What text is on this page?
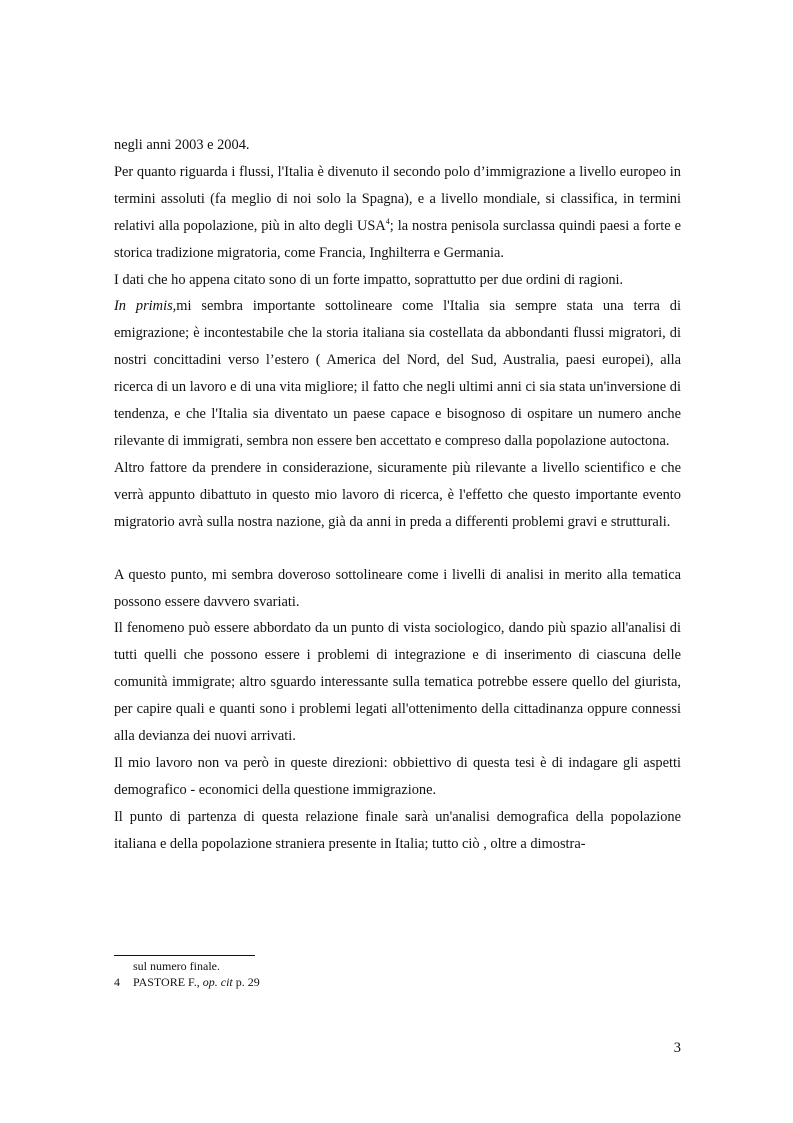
negli anni 2003 e 2004.

Per quanto riguarda i flussi, l'Italia è divenuto il secondo polo d’immigrazione a livello europeo in termini assoluti (fa meglio di noi solo la Spagna), e a livello mondiale, si classifica, in termini relativi alla popolazione, più in alto degli USA$^4$; la nostra penisola surclassa quindi paesi a forte e storica tradizione migratoria, come Francia, Inghilterra e Germania.

I dati che ho appena citato sono di un forte impatto, soprattutto per due ordini di ragioni.

In primis,mi sembra importante sottolineare come l'Italia sia sempre stata una terra di emigrazione; è incontestabile che la storia italiana sia costellata da abbondanti flussi migratori, di nostri concittadini verso l’estero ( America del Nord, del Sud, Australia, paesi europei), alla ricerca di un lavoro e di una vita migliore; il fatto che negli ultimi anni ci sia stata un'inversione di tendenza, e che l'Italia sia diventato un paese capace e bisognoso di ospitare un numero anche rilevante di immigrati, sembra non essere ben accettato e compreso dalla popolazione autoctona.

Altro fattore da prendere in considerazione, sicuramente più rilevante a livello scientifico e che verrà appunto dibattuto in questo mio lavoro di ricerca, è l'effetto che questo importante evento migratorio avrà sulla nostra nazione, già da anni in preda a differenti problemi gravi e strutturali.

A questo punto, mi sembra doveroso sottolineare come i livelli di analisi in merito alla tematica possono essere davvero svariati.

Il fenomeno può essere abbordato da un punto di vista sociologico, dando più spazio all'analisi di tutti quelli che possono essere i problemi di integrazione e di inserimento di ciascuna delle comunità immigrate; altro sguardo interessante sulla tematica potrebbe essere quello del giurista, per capire quali e quanti sono i problemi legati all'ottenimento della cittadinanza oppure connessi alla devianza dei nuovi arrivati.

Il mio lavoro non va però in queste direzioni: obbiettivo di questa tesi è di indagare gli aspetti demografico - economici della questione immigrazione.

Il punto di partenza di questa relazione finale sarà un'analisi demografica della popolazione italiana e della popolazione straniera presente in Italia; tutto ciò , oltre a dimostra-

sul numero finale.
4	PASTORE F., op. cit p. 29
3
